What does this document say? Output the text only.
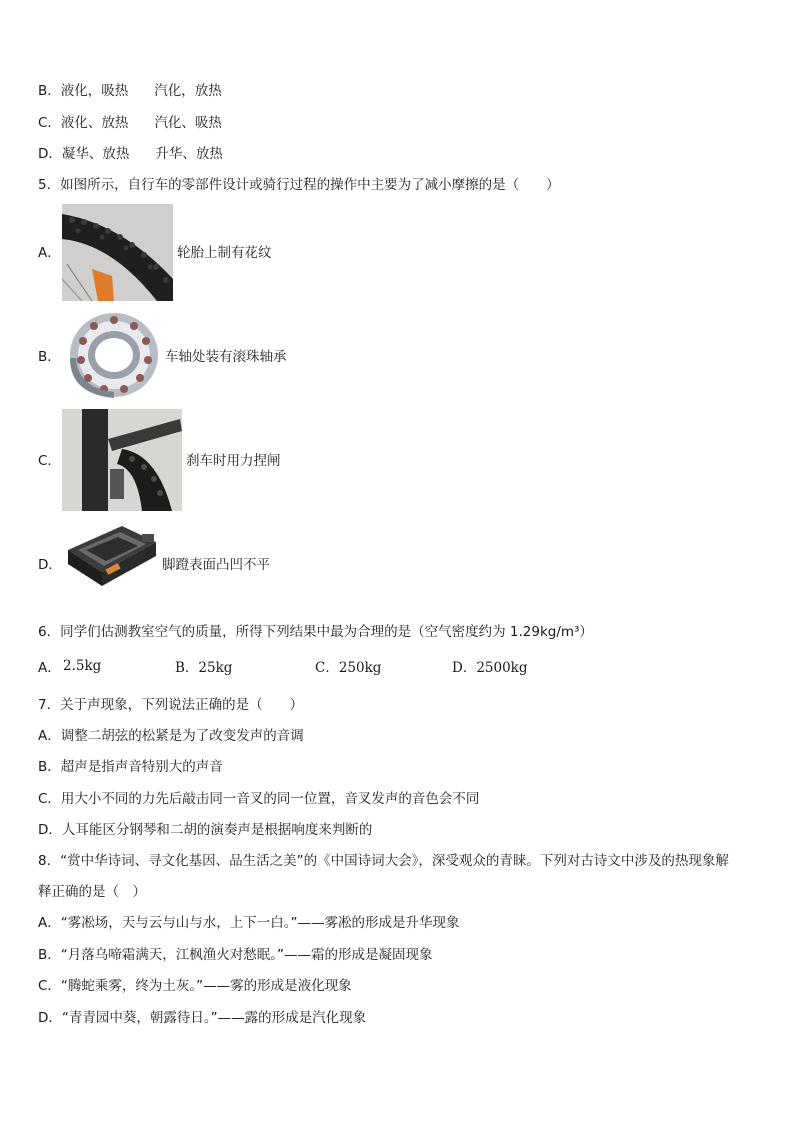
B．液化，吸热 汽化，放热
C．液化、放热 汽化、吸热
D．凝华、放热 升华、放热
5．如图所示，自行车的零部件设计或骑行过程的操作中主要为了减小摩擦的是（　　）
A．	轮胎上制有花纹
B．	车轴处装有滚珠轴承
C．	刹车时用力捏闸
D．	脚蹬表面凸凹不平
6．同学们估测教室空气的质量，所得下列结果中最为合理的是（空气密度约为 1.29kg/m³）
A． 2.5kg	B．25kg	C．250kg	D．2500kg
7．关于声现象，下列说法正确的是（　　）
A．调整二胡弦的松紧是为了改变发声的音调
B．超声是指声音特别大的声音
C．用大小不同的力先后敲击同一音叉的同一位置，音叉发声的音色会不同
D．人耳能区分钢琴和二胡的演奏声是根据响度来判断的
8．“赏中华诗词、寻文化基因、品生活之美”的《中国诗词大会》，深受观众的青睐。下列对古诗文中涉及的热现象解
释正确的是（　）
A．“雾凇场，天与云与山与水，上下一白。”——雾凇的形成是升华现象
B．“月落乌啼霜满天，江枫渔火对愁眠。”——霜的形成是凝固现象
C．“腾蛇乘雾，终为土灰。”——雾的形成是液化现象
D．“青青园中葵，朝露待日。”——露的形成是汽化现象
